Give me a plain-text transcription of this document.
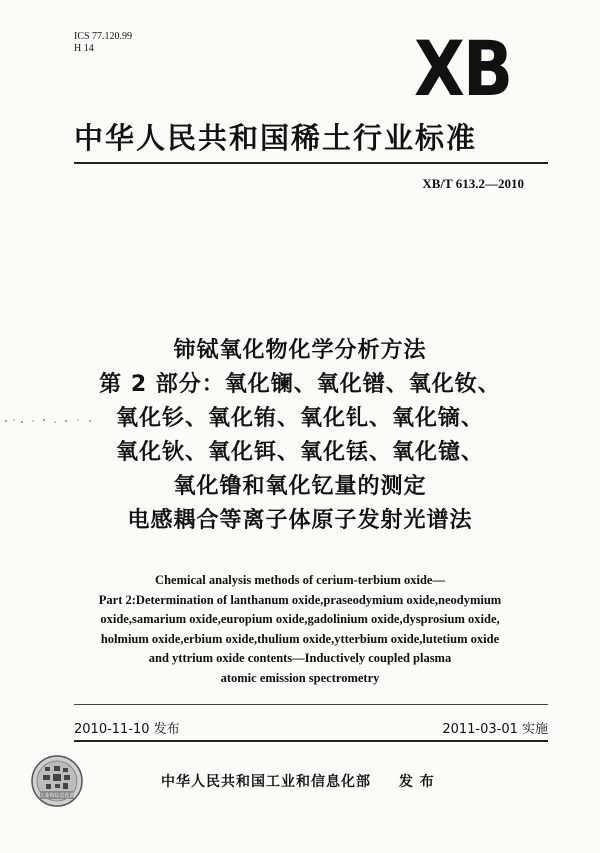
ICS 77.120.99
H 14	XB
中华人民共和国稀土行业标准
XB/T 613.2—2010
铈铽氧化物化学分析方法
第 2 部分：氧化镧、氧化镨、氧化钕、
氧化钐、氧化铕、氧化钆、氧化镝、
氧化钬、氧化铒、氧化铥、氧化镱、
氧化镥和氧化钇量的测定
电感耦合等离子体原子发射光谱法
Chemical analysis methods of cerium-terbium oxide—
Part 2:Determination of lanthanum oxide,praseodymium oxide,neodymium
oxide,samarium oxide,europium oxide,gadolinium oxide,dysprosium oxide,
holmium oxide,erbium oxide,thulium oxide,ytterbium oxide,lutetium oxide
and yttrium oxide contents—Inductively coupled plasma
atomic emission spectrometry
2010-11-10 发布	2011-03-01 实施
工业和信息化部
中华人民共和国工业和信息化部 发 布
